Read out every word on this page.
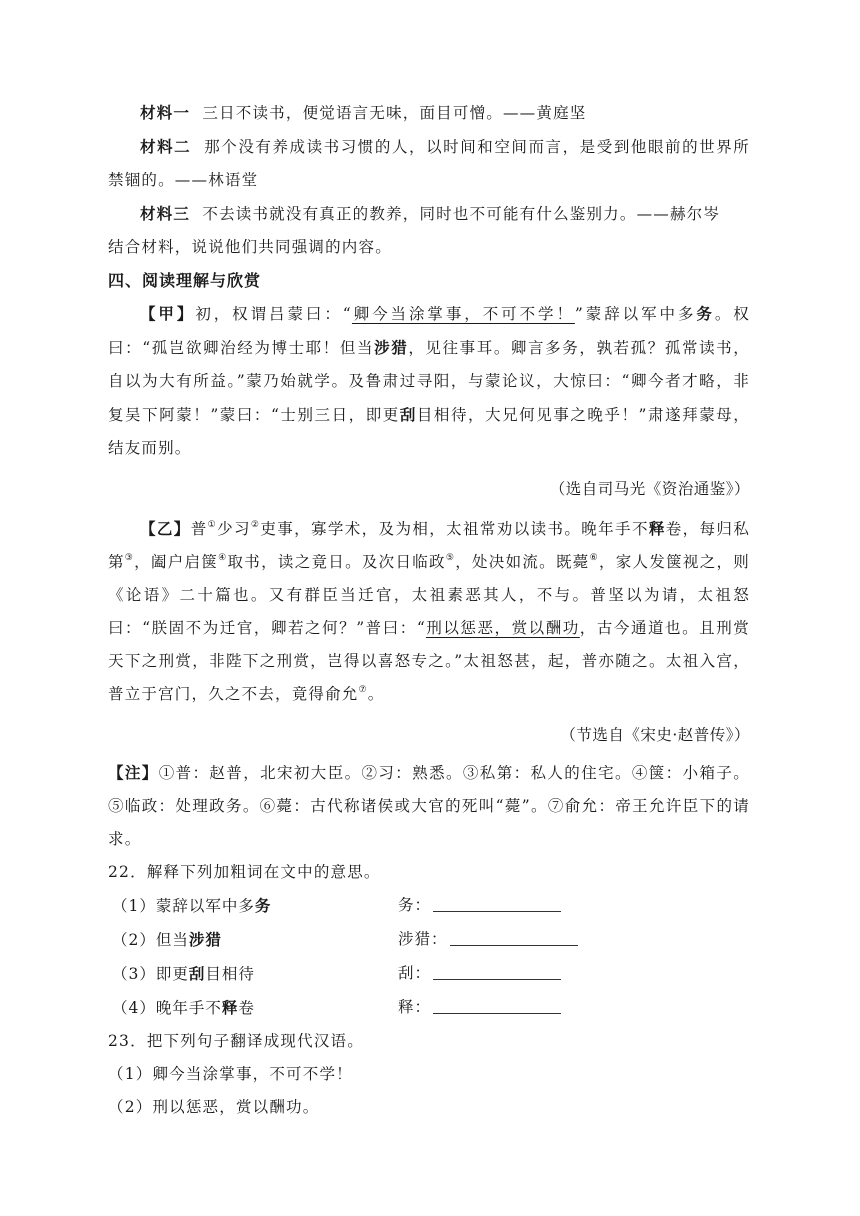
材料一 三日不读书，便觉语言无味，面目可憎。——黄庭坚

材料二 那个没有养成读书习惯的人，以时间和空间而言，是受到他眼前的世界所禁锢的。——林语堂

材料三 不去读书就没有真正的教养，同时也不可能有什么鉴别力。——赫尔岑

结合材料，说说他们共同强调的内容。

四、阅读理解与欣赏

【甲】初，权谓吕蒙曰：“卿今当涂掌事，不可不学！”蒙辞以军中多务。权曰：“孤岂欲卿治经为博士耶！但当涉猎，见往事耳。卿言多务，孰若孤？孤常读书，自以为大有所益。”蒙乃始就学。及鲁肃过寻阳，与蒙论议，大惊曰：“卿今者才略，非复吴下阿蒙！”蒙曰：“士别三日，即更刮目相待，大兄何见事之晚乎！”肃遂拜蒙母，结友而别。

（选自司马光《资治通鉴》）

【乙】普①少习②吏事，寡学术，及为相，太祖常劝以读书。晚年手不释卷，每归私第③，阖户启箧④取书，读之竟日。及次日临政⑤，处决如流。既薨⑥，家人发箧视之，则《论语》二十篇也。又有群臣当迁官，太祖素恶其人，不与。普坚以为请，太祖怒曰：“朕固不为迁官，卿若之何？”普曰：“刑以惩恶，赏以酬功，古今通道也。且刑赏天下之刑赏，非陛下之刑赏，岂得以喜怒专之。”太祖怒甚，起，普亦随之。太祖入宫，普立于宫门，久之不去，竟得俞允⑦。

（节选自《宋史·赵普传》）

【注】①普：赵普，北宋初大臣。②习：熟悉。③私第：私人的住宅。④箧：小箱子。⑤临政：处理政务。⑥薨：古代称诸侯或大官的死叫“薨”。⑦俞允：帝王允许臣下的请求。

22．解释下列加粗词在文中的意思。

（1）蒙辞以军中多务	务：
（2）但当涉猎	涉猎：
（3）即更刮目相待	刮：
（4）晚年手不释卷	释：

23．把下列句子翻译成现代汉语。

（1）卿今当涂掌事，不可不学！

（2）刑以惩恶，赏以酬功。
